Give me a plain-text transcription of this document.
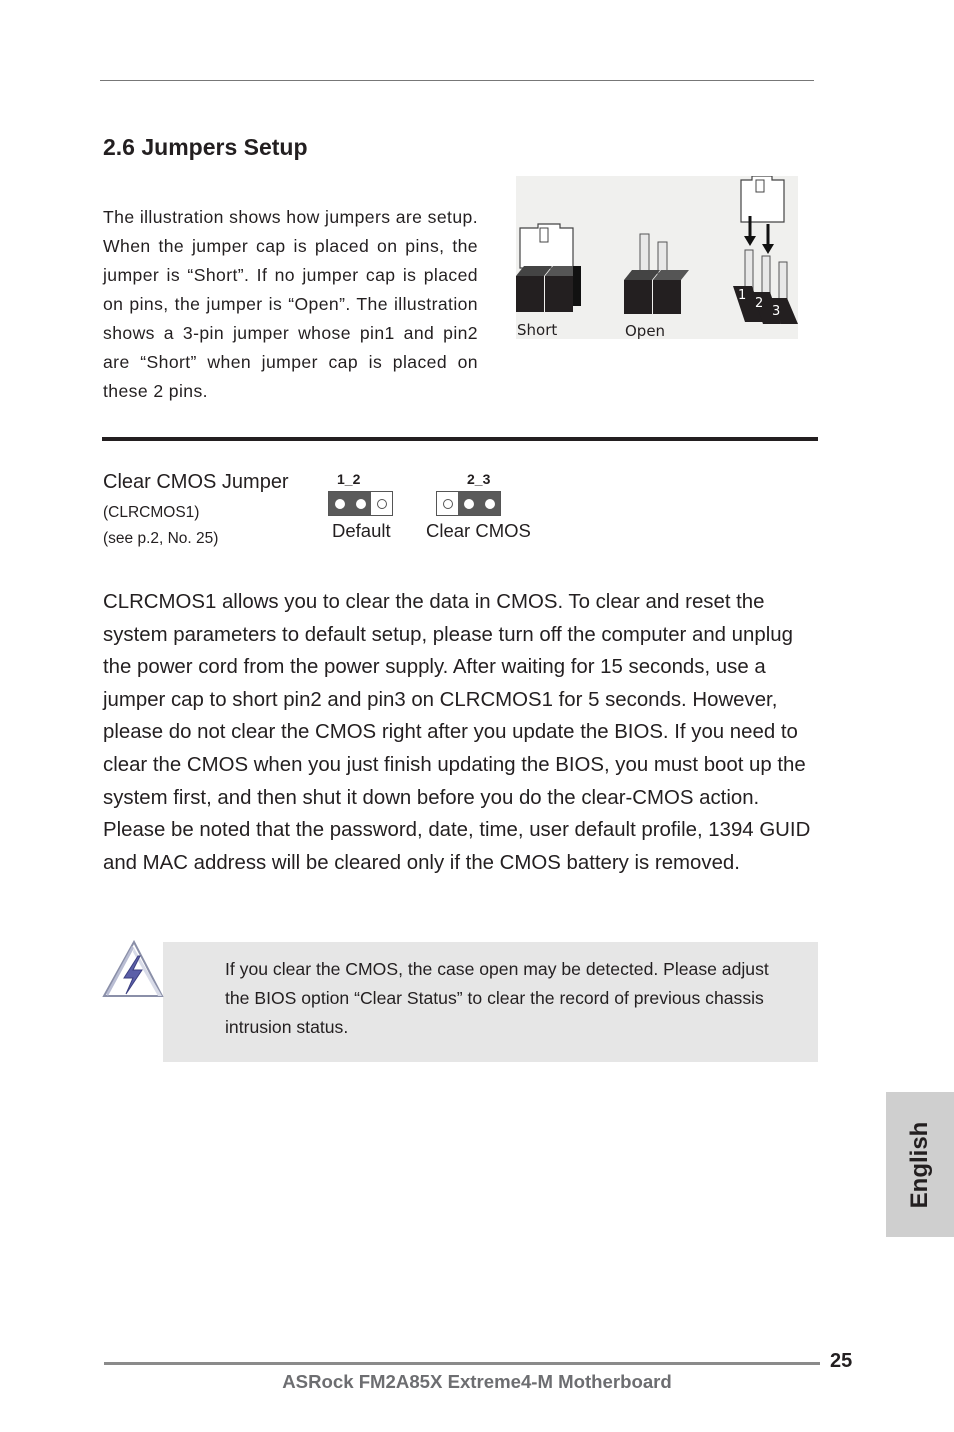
2.6 Jumpers Setup

The illustration shows how jumpers are setup. When the jumper cap is placed on pins, the jumper is “Short”. If no jumper cap is placed on pins, the jumper is “Open”. The illustration shows a 3-pin jumper whose pin1 and pin2 are “Short” when jumper cap is placed on these 2 pins.

1
2
3
Short	Open

Clear CMOS Jumper

(CLRCMOS1)

(see p.2, No. 25)

1_2
Default
2_3
Clear CMOS

CLRCMOS1 allows you to clear the data in CMOS. To clear and reset the system parameters to default setup, please turn off the computer and unplug the power cord from the power supply. After waiting for 15 seconds, use a jumper cap to short pin2 and pin3 on CLRCMOS1 for 5 seconds. However, please do not clear the CMOS right after you update the BIOS. If you need to clear the CMOS when you just finish updating the BIOS, you must boot up the system first, and then shut it down before you do the clear-CMOS action. Please be noted that the password, date, time, user default profile, 1394 GUID and MAC address will be cleared only if the CMOS battery is removed.

If you clear the CMOS, the case open may be detected. Please adjust the BIOS option “Clear Status” to clear the record of previous chassis intrusion status.

English

25

ASRock FM2A85X Extreme4-M Motherboard
